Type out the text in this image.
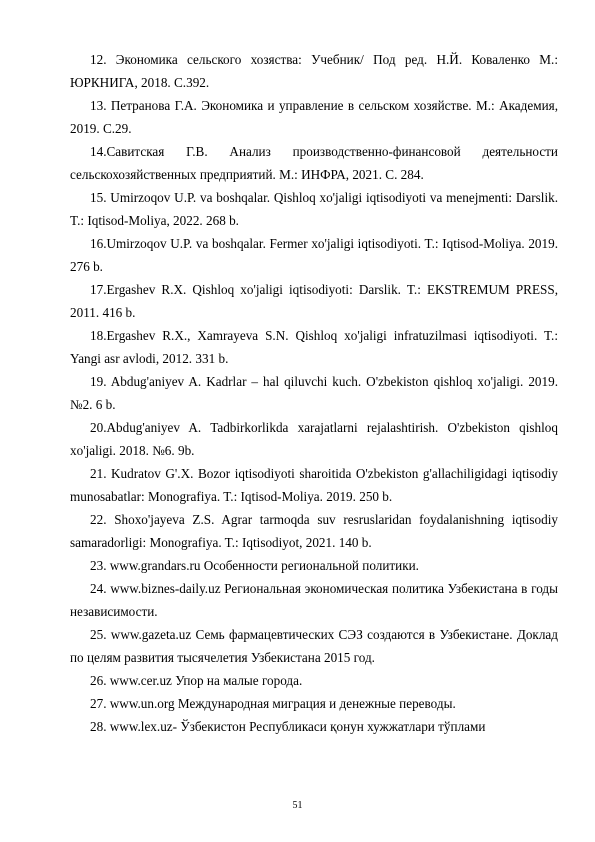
12. Экономика сельского хозяства: Учебник/ Под ред. Н.Й. Коваленко М.: ЮРКНИГА, 2018. С.392.

13. Петранова Г.А. Экономика и управление в сельском хозяйстве. М.: Академия, 2019. С.29.

14.Савитская Г.В. Анализ производственно-финансовой деятельности сельскохозяйственных предприятий. М.: ИНФРА, 2021. С. 284.

15. Umirzoqov U.P. va boshqalar. Qishloq xo'jaligi iqtisodiyoti va menejmenti: Darslik. T.: Iqtisod-Moliya, 2022. 268 b.

16.Umirzoqov U.P. va boshqalar. Fermer xo'jaligi iqtisodiyoti. T.: Iqtisod-Moliya. 2019. 276 b.

17.Ergashev R.X. Qishloq xo'jaligi iqtisodiyoti: Darslik. T.: EKSTREMUM PRESS, 2011. 416 b.

18.Ergashev R.X., Xamrayeva S.N. Qishloq xo'jaligi infratuzilmasi iqtisodiyoti. T.: Yangi asr avlodi, 2012. 331 b.

19. Abdug'aniyev A. Kadrlar – hal qiluvchi kuch. O'zbekiston qishloq xo'jaligi. 2019. №2. 6 b.

20.Abdug'aniyev A. Tadbirkorlikda xarajatlarni rejalashtirish. O'zbekiston qishloq xo'jaligi. 2018. №6. 9b.

21. Kudratov G'.X. Bozor iqtisodiyoti sharoitida O'zbekiston g'allachiligidagi iqtisodiy munosabatlar: Monografiya. T.: Iqtisod-Moliya. 2019. 250 b.

22. Shoxo'jayeva Z.S. Agrar tarmoqda suv resruslaridan foydalanishning iqtisodiy samaradorligi: Monografiya. T.: Iqtisodiyot, 2021. 140 b.

23. www.grandars.ru Особенности региональной политики.

24. www.biznes-daily.uz Региональная экономическая политика Узбекистана в годы независимости.

25. www.gazeta.uz Семь фармацевтических СЭЗ создаются в Узбекистане. Доклад по целям развития тысячелетия Узбекистана 2015 год.

26. www.cer.uz Упор на малые города.

27. www.un.org Международная миграция и денежные переводы.

28. www.lex.uz- Ўзбекистон Республикаси қонун хужжатлари тўплами

51
